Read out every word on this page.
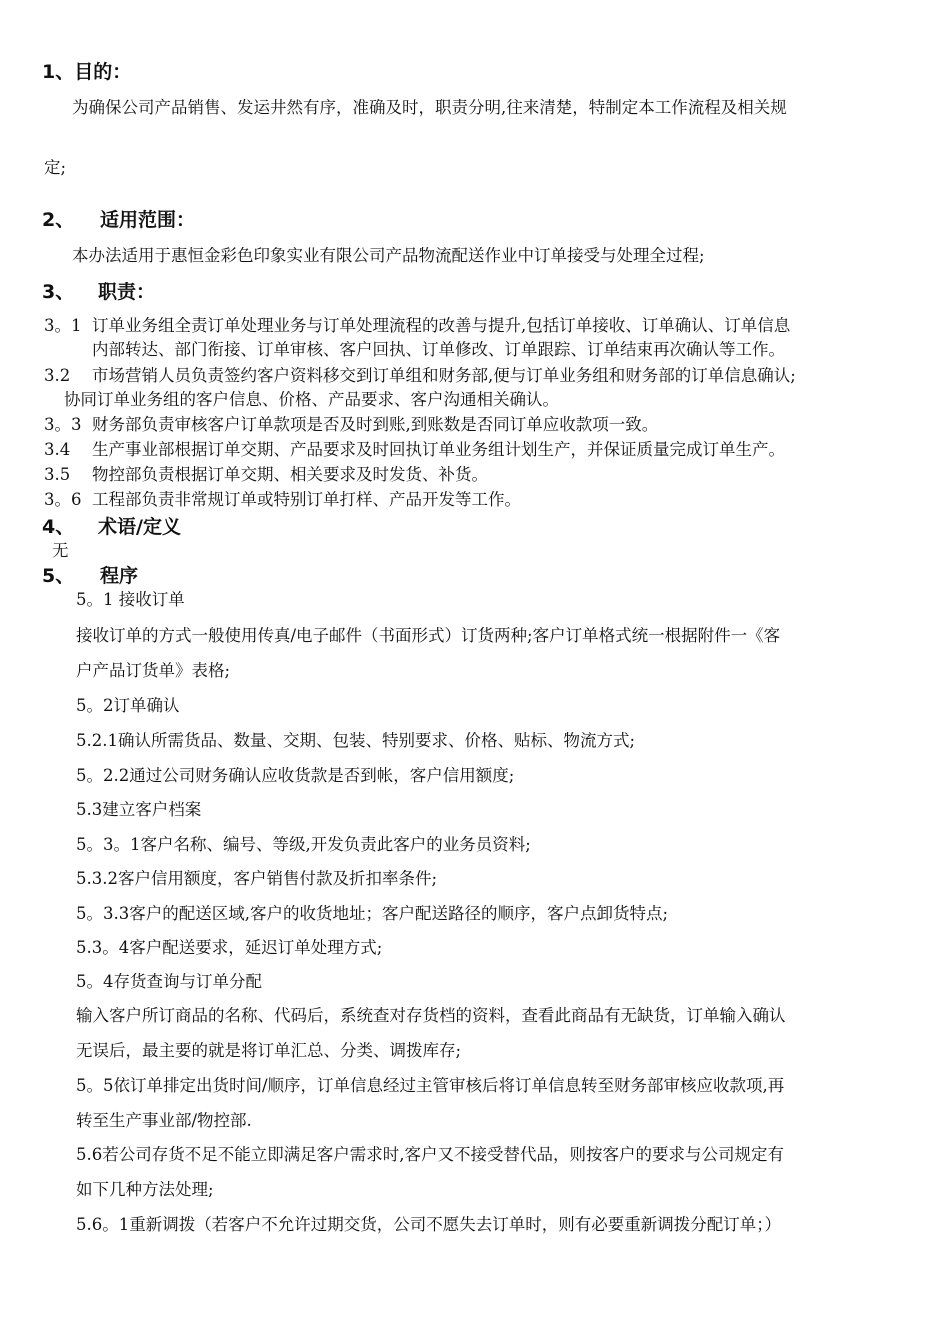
1、目的：
为确保公司产品销售、发运井然有序，准确及时，职责分明,往来清楚，特制定本工作流程及相关规
定;
2、 适用范围：
本办法适用于惠恒金彩色印象实业有限公司产品物流配送作业中订单接受与处理全过程;
3、 职责：
3。1 订单业务组全责订单处理业务与订单处理流程的改善与提升,包括订单接收、订单确认、订单信息
内部转达、部门衔接、订单审核、客户回执、订单修改、订单跟踪、订单结束再次确认等工作。
3.2 市场营销人员负责签约客户资料移交到订单组和财务部,便与订单业务组和财务部的订单信息确认;
协同订单业务组的客户信息、价格、产品要求、客户沟通相关确认。
3。3 财务部负责审核客户订单款项是否及时到账,到账数是否同订单应收款项一致。
3.4 生产事业部根据订单交期、产品要求及时回执订单业务组计划生产，并保证质量完成订单生产。
3.5 物控部负责根据订单交期、相关要求及时发货、补货。
3。6 工程部负责非常规订单或特别订单打样、产品开发等工作。
4、 术语/定义
无
5、 程序
5。1 接收订单
接收订单的方式一般使用传真/电子邮件（书面形式）订货两种;客户订单格式统一根据附件一《客
户产品订货单》表格;
5。2订单确认
5.2.1确认所需货品、数量、交期、包装、特别要求、价格、贴标、物流方式;
5。2.2通过公司财务确认应收货款是否到帐，客户信用额度;
5.3建立客户档案
5。3。1客户名称、编号、等级,开发负责此客户的业务员资料;
5.3.2客户信用额度，客户销售付款及折扣率条件;
5。3.3客户的配送区域,客户的收货地址；客户配送路径的顺序，客户点卸货特点;
5.3。4客户配送要求，延迟订单处理方式;
5。4存货查询与订单分配
输入客户所订商品的名称、代码后，系统查对存货档的资料，查看此商品有无缺货，订单输入确认
无误后，最主要的就是将订单汇总、分类、调拨库存;
5。5依订单排定出货时间/顺序，订单信息经过主管审核后将订单信息转至财务部审核应收款项,再
转至生产事业部/物控部.
5.6若公司存货不足不能立即满足客户需求时,客户又不接受替代品，则按客户的要求与公司规定有
如下几种方法处理;
5.6。1重新调拨（若客户不允许过期交货，公司不愿失去订单时，则有必要重新调拨分配订单；）
